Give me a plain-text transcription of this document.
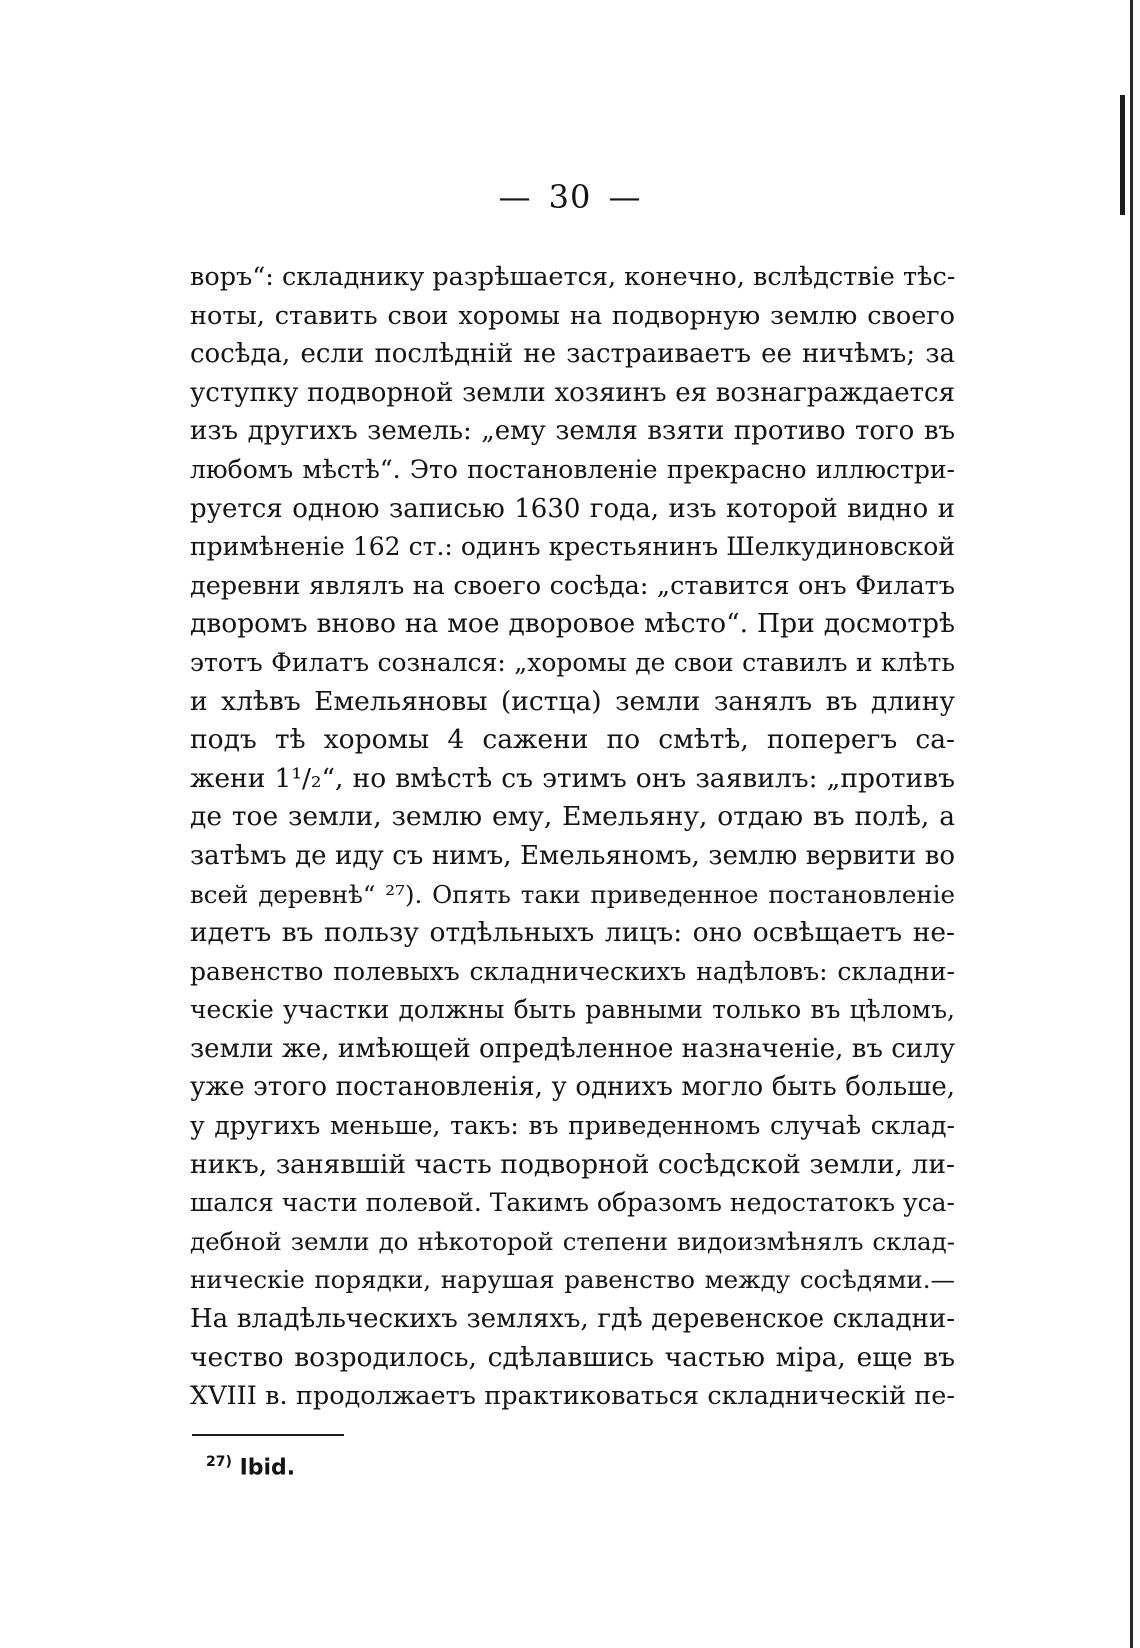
— 30 —
воръ“: складнику разрѣшается, конечно, вслѣдствіе тѣс-
ноты, ставить свои хоромы на подворную землю своего
сосѣда, если послѣдній не застраиваетъ ее ничѣмъ; за
уступку подворной земли хозяинъ ея вознаграждается
изъ другихъ земель: „ему земля взяти противо того въ
любомъ мѣстѣ“. Это постановленіе прекрасно иллюстри-
руется одною записью 1630 года, изъ которой видно и
примѣненіе 162 ст.: одинъ крестьянинъ Шелкудиновской
деревни являлъ на своего сосѣда: „ставится онъ Филатъ
дворомъ вново на мое дворовое мѣсто“. При досмотрѣ
этотъ Филатъ сознался: „хоромы де свои ставилъ и клѣть
и хлѣвъ Емельяновы (истца) земли занялъ въ длину
подъ тѣ хоромы 4 сажени по смѣтѣ, поперегъ са-
жени 1¹/₂“, но вмѣстѣ съ этимъ онъ заявилъ: „противъ
де тое земли, землю ему, Емельяну, отдаю въ полѣ, а
затѣмъ де иду съ нимъ, Емельяномъ, землю вервити во
всей деревнѣ“ ²⁷). Опять таки приведенное постановленіе
идетъ въ пользу отдѣльныхъ лицъ: оно освѣщаетъ не-
равенство полевыхъ складническихъ надѣловъ: складни-
ческіе участки должны быть равными только въ цѣломъ,
земли же, имѣющей опредѣленное назначеніе, въ силу
уже этого постановленія, у однихъ могло быть больше,
у другихъ меньше, такъ: въ приведенномъ случаѣ склад-
никъ, занявшій часть подворной сосѣдской земли, ли-
шался части полевой. Такимъ образомъ недостатокъ уса-
дебной земли до нѣкоторой степени видоизмѣнялъ склад-
ническіе порядки, нарушая равенство между сосѣдями.—
На владѣльческихъ земляхъ, гдѣ деревенское складни-
чество возродилось, сдѣлавшись частью міра, еще въ
XVIII в. продолжаетъ практиковаться складническій пе-
$^{27)}$ Ibid.
